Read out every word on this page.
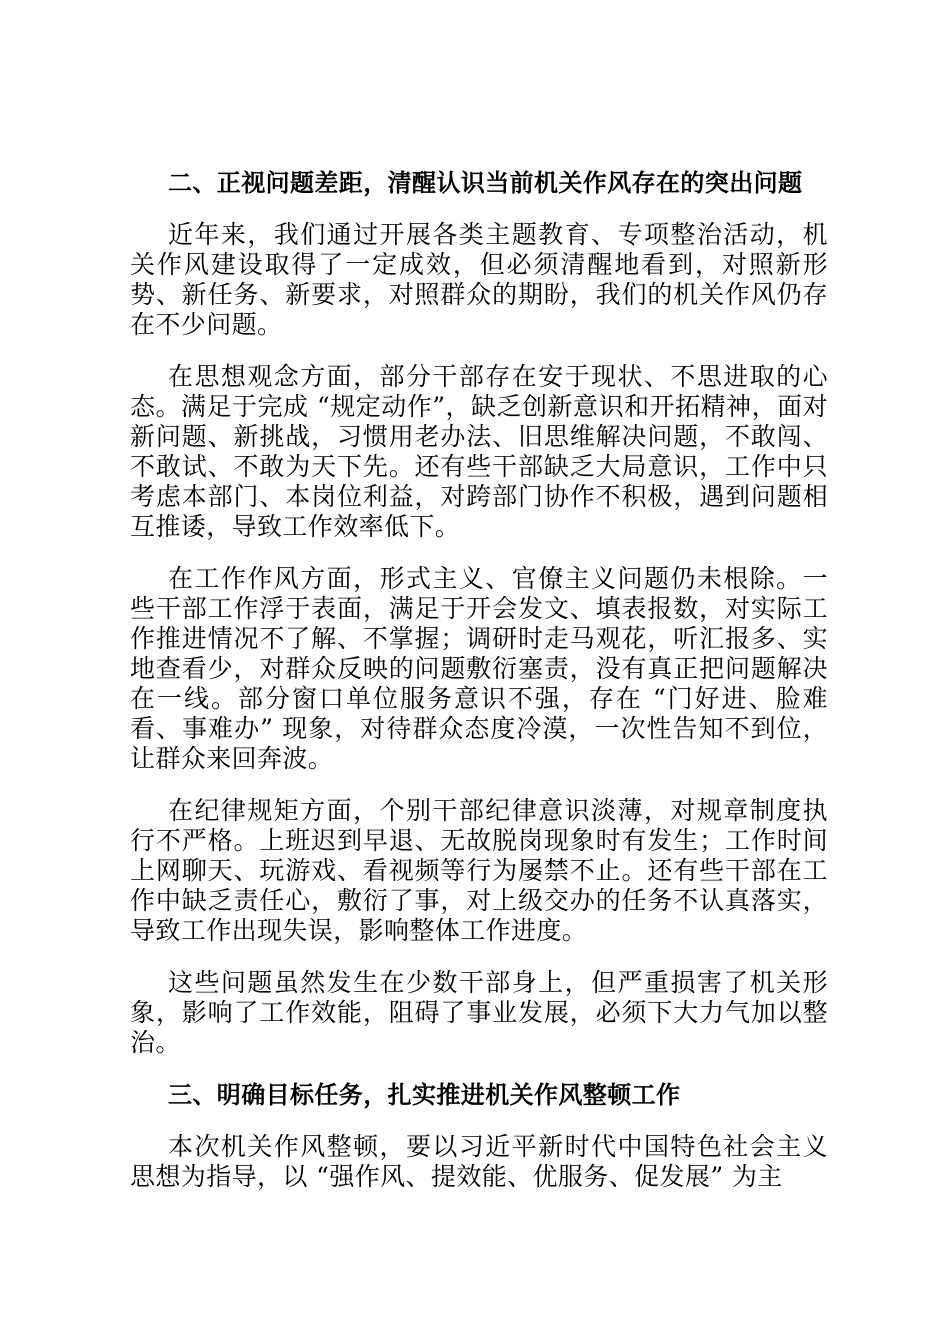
二、正视问题差距，清醒认识当前机关作风存在的突出问题

近年来，我们通过开展各类主题教育、专项整治活动，机关作风建设取得了一定成效，但必须清醒地看到，对照新形势、新任务、新要求，对照群众的期盼，我们的机关作风仍存在不少问题。

在思想观念方面，部分干部存在安于现状、不思进取的心态。满足于完成 “规定动作”，缺乏创新意识和开拓精神，面对新问题、新挑战，习惯用老办法、旧思维解决问题，不敢闯、不敢试、不敢为天下先。还有些干部缺乏大局意识，工作中只考虑本部门、本岗位利益，对跨部门协作不积极，遇到问题相互推诿，导致工作效率低下。

在工作作风方面，形式主义、官僚主义问题仍未根除。一些干部工作浮于表面，满足于开会发文、填表报数，对实际工作推进情况不了解、不掌握；调研时走马观花，听汇报多、实地查看少，对群众反映的问题敷衍塞责，没有真正把问题解决在一线。部分窗口单位服务意识不强，存在 “门好进、脸难看、事难办” 现象，对待群众态度冷漠，一次性告知不到位，让群众来回奔波。

在纪律规矩方面，个别干部纪律意识淡薄，对规章制度执行不严格。上班迟到早退、无故脱岗现象时有发生；工作时间上网聊天、玩游戏、看视频等行为屡禁不止。还有些干部在工作中缺乏责任心，敷衍了事，对上级交办的任务不认真落实，导致工作出现失误，影响整体工作进度。

这些问题虽然发生在少数干部身上，但严重损害了机关形象，影响了工作效能，阻碍了事业发展，必须下大力气加以整治。

三、明确目标任务，扎实推进机关作风整顿工作

本次机关作风整顿，要以习近平新时代中国特色社会主义思想为指导，以 “强作风、提效能、优服务、促发展” 为主
